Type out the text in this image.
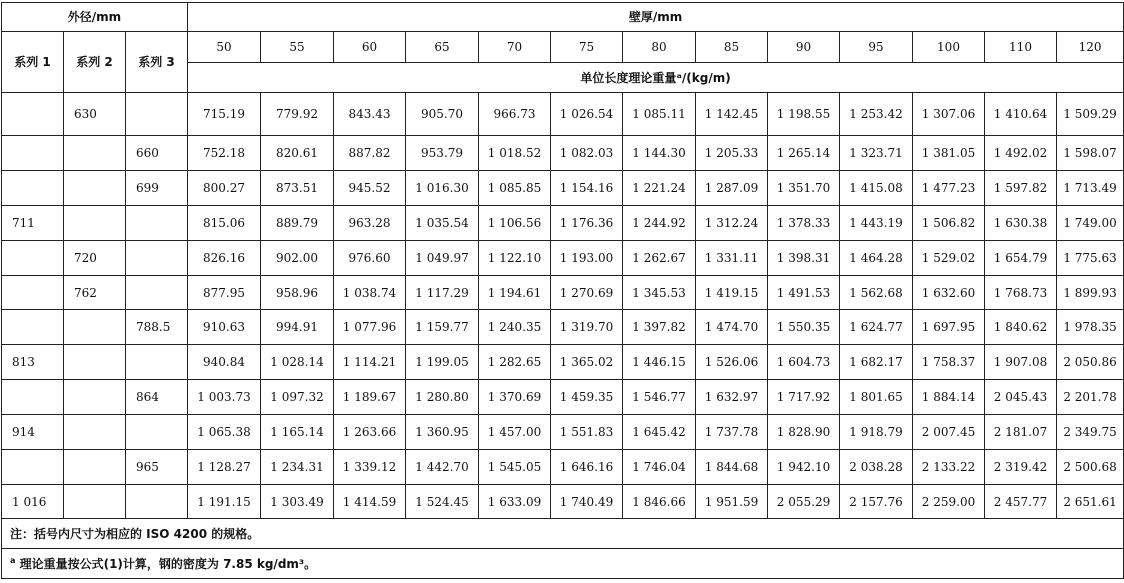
外径/mm			壁厚/mm												
系列 1	系列 2	系列 3	50	55	60	65	70	75	80	85	90	95	100	110	120
			单位长度理论重量ᵃ/(kg/m)												
	630		715.19	779.92	843.43	905.70	966.73	1 026.54	1 085.11	1 142.45	1 198.55	1 253.42	1 307.06	1 410.64	1 509.29
		660	752.18	820.61	887.82	953.79	1 018.52	1 082.03	1 144.30	1 205.33	1 265.14	1 323.71	1 381.05	1 492.02	1 598.07
		699	800.27	873.51	945.52	1 016.30	1 085.85	1 154.16	1 221.24	1 287.09	1 351.70	1 415.08	1 477.23	1 597.82	1 713.49
711			815.06	889.79	963.28	1 035.54	1 106.56	1 176.36	1 244.92	1 312.24	1 378.33	1 443.19	1 506.82	1 630.38	1 749.00
	720		826.16	902.00	976.60	1 049.97	1 122.10	1 193.00	1 262.67	1 331.11	1 398.31	1 464.28	1 529.02	1 654.79	1 775.63
	762		877.95	958.96	1 038.74	1 117.29	1 194.61	1 270.69	1 345.53	1 419.15	1 491.53	1 562.68	1 632.60	1 768.73	1 899.93
		788.5	910.63	994.91	1 077.96	1 159.77	1 240.35	1 319.70	1 397.82	1 474.70	1 550.35	1 624.77	1 697.95	1 840.62	1 978.35
813			940.84	1 028.14	1 114.21	1 199.05	1 282.65	1 365.02	1 446.15	1 526.06	1 604.73	1 682.17	1 758.37	1 907.08	2 050.86
		864	1 003.73	1 097.32	1 189.67	1 280.80	1 370.69	1 459.35	1 546.77	1 632.97	1 717.92	1 801.65	1 884.14	2 045.43	2 201.78
914			1 065.38	1 165.14	1 263.66	1 360.95	1 457.00	1 551.83	1 645.42	1 737.78	1 828.90	1 918.79	2 007.45	2 181.07	2 349.75
		965	1 128.27	1 234.31	1 339.12	1 442.70	1 545.05	1 646.16	1 746.04	1 844.68	1 942.10	2 038.28	2 133.22	2 319.42	2 500.68
1 016			1 191.15	1 303.49	1 414.59	1 524.45	1 633.09	1 740.49	1 846.66	1 951.59	2 055.29	2 157.76	2 259.00	2 457.77	2 651.61
注：括号内尺寸为相应的 ISO 4200 的规格。															
$^a$ 理论重量按公式(1)计算，钢的密度为 7.85 kg/dm³。															
